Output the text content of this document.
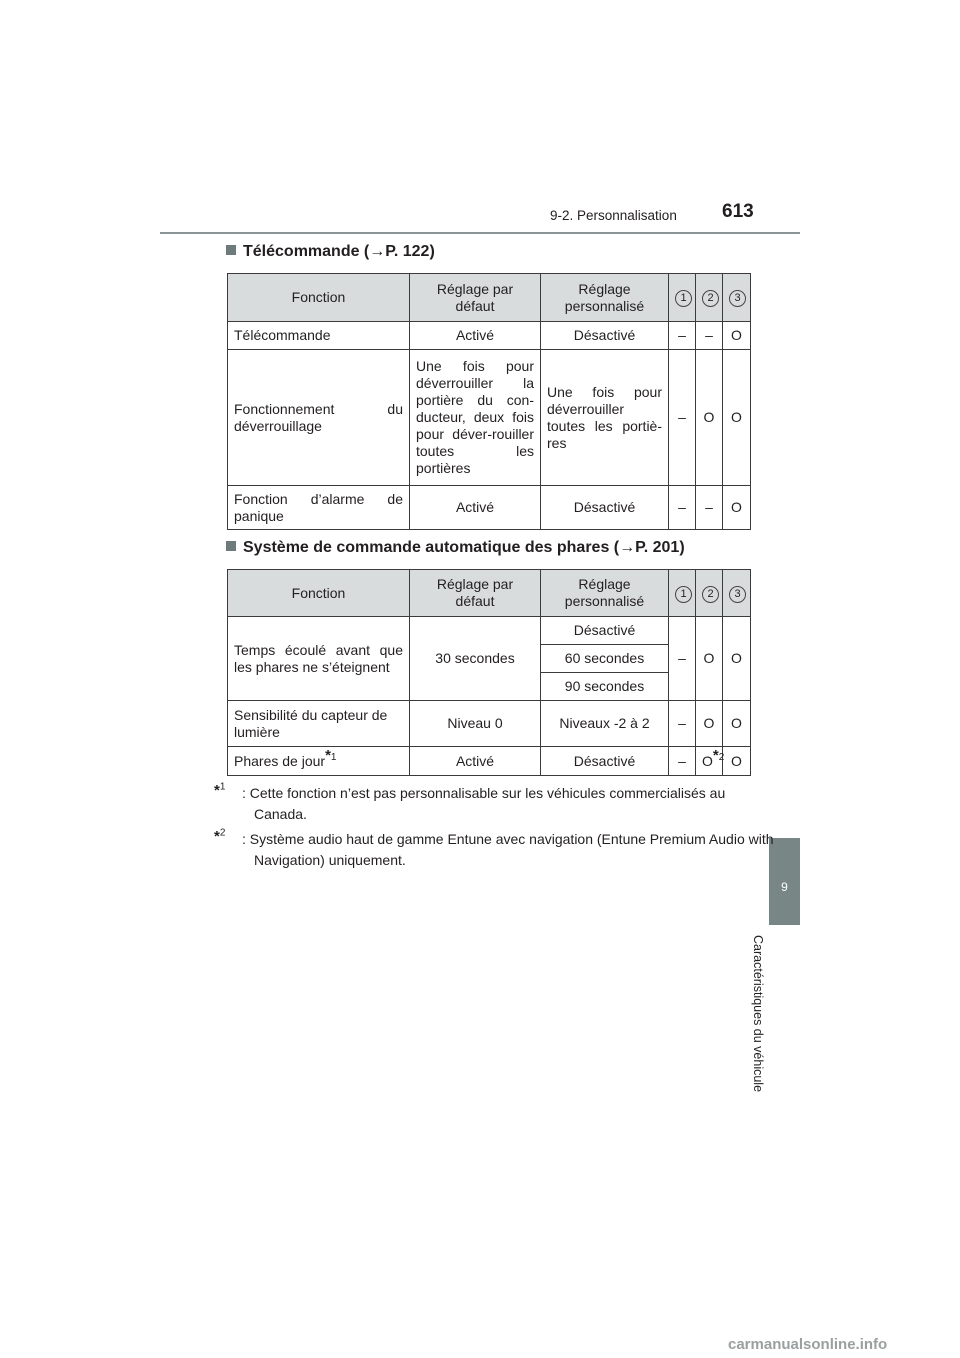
9-2. Personnalisation 613
9
Caractéristiques du véhicule
Télécommande (→P. 122)
Fonction	Réglage par défaut	Réglage personnalisé	1	2	3
Télécommande	Activé	Désactivé	–	–	O
Fonctionnement du déverrouillage	Une fois pour déverrouiller la portière du con-ducteur, deux fois pour déver-rouiller toutes les portières	Une fois pour déverrouiller toutes les portiè-res	–	O	O
Fonction d’alarme de panique	Activé	Désactivé	–	–	O
Système de commande automatique des phares (→P. 201)
Fonction	Réglage par défaut	Réglage personnalisé	1	2	3
Temps écoulé avant que les phares ne s’éteignent	30 secondes	Désactivé	–	O	O
		60 secondes			
		90 secondes			
Sensibilité du capteur de lumière	Niveau 0	Niveaux -2 à 2	–	O	O
Phares de jour$^{*1}$	Activé	Désactivé	–	$O^{*2}$	O
*$^1$ : Cette fonction n’est pas personnalisable sur les véhicules commercialisés au Canada.
*$^2$ : Système audio haut de gamme Entune avec navigation (Entune Premium Audio with Navigation) uniquement.
carmanualsonline.info
